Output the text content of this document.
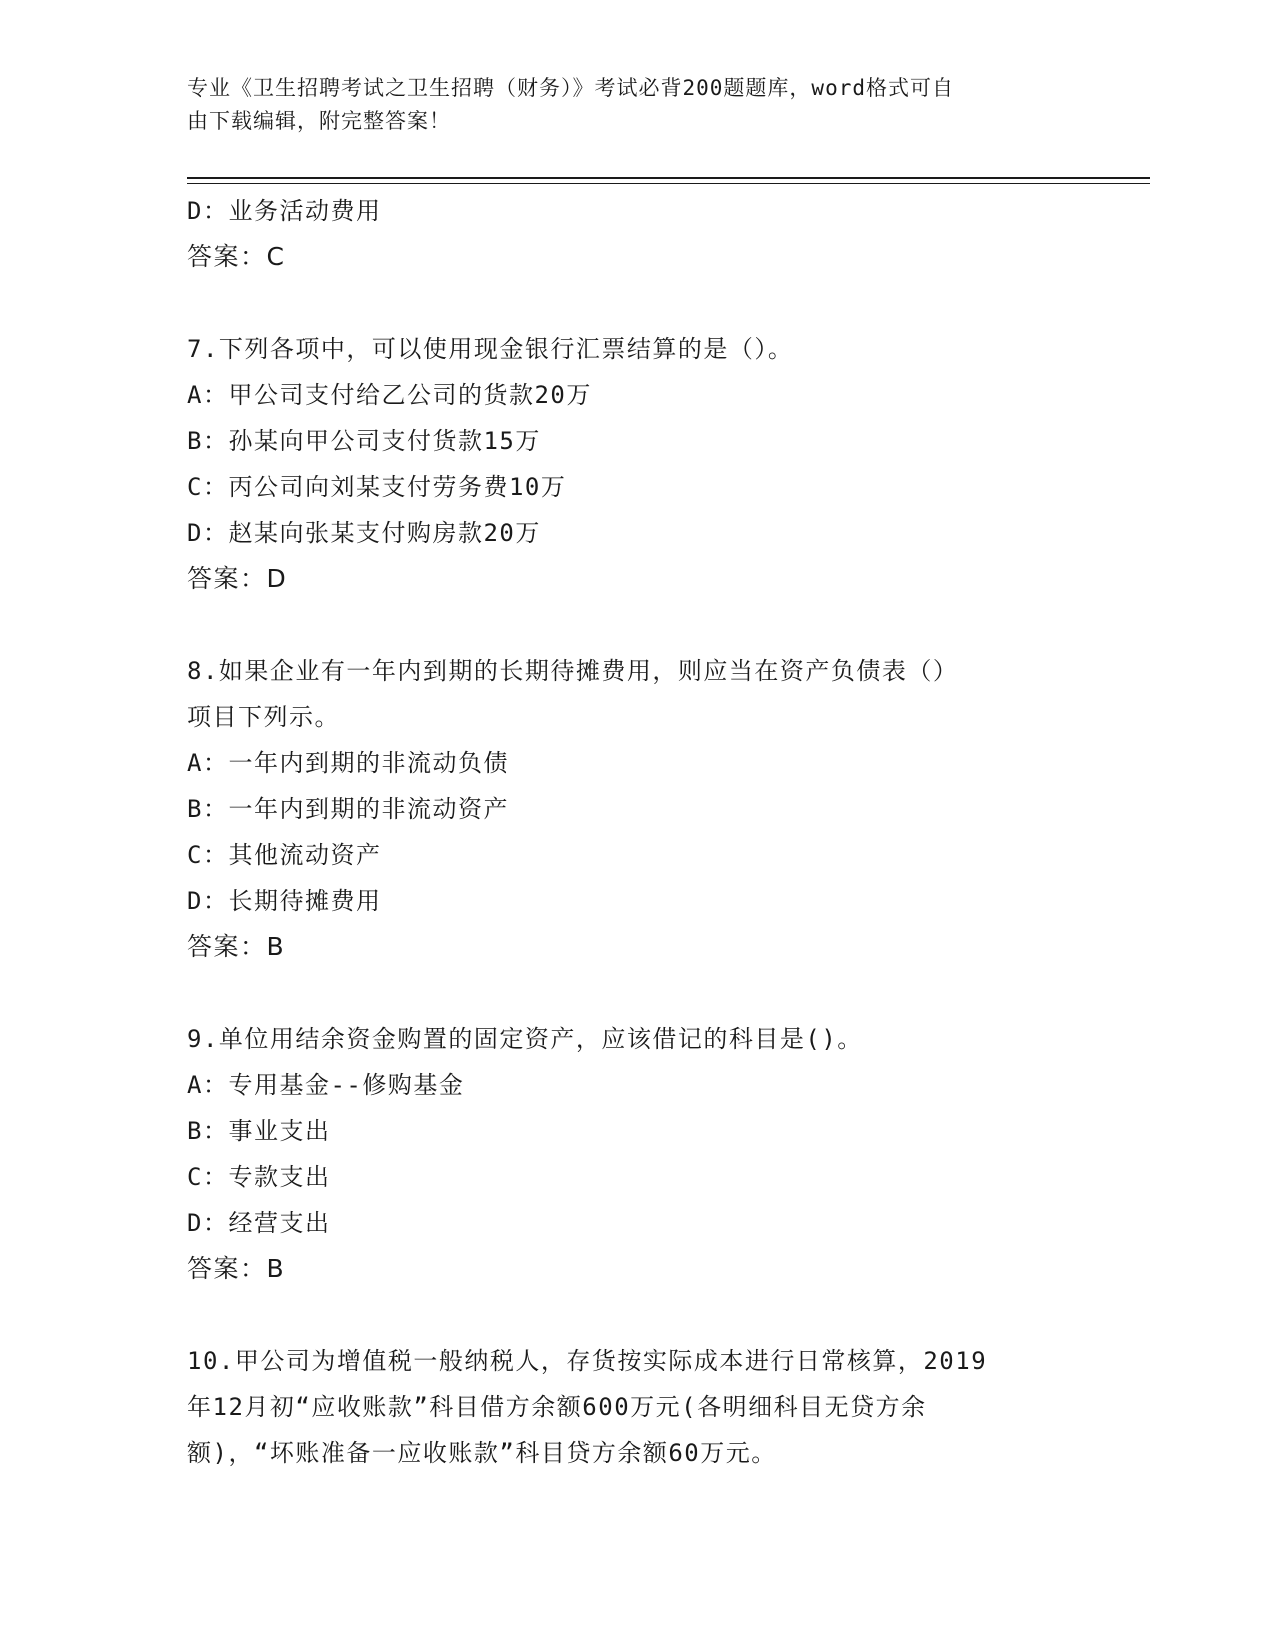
专业《卫生招聘考试之卫生招聘（财务）》考试必背200题题库，word格式可自
由下载编辑，附完整答案！
D：业务活动费用
答案：C
7.下列各项中，可以使用现金银行汇票结算的是（）。
A：甲公司支付给乙公司的货款20万
B：孙某向甲公司支付货款15万
C：丙公司向刘某支付劳务费10万
D：赵某向张某支付购房款20万
答案：D
8.如果企业有一年内到期的长期待摊费用，则应当在资产负债表（）
项目下列示。
A：一年内到期的非流动负债
B：一年内到期的非流动资产
C：其他流动资产
D：长期待摊费用
答案：B
9.单位用结余资金购置的固定资产，应该借记的科目是()。
A：专用基金--修购基金
B：事业支出
C：专款支出
D：经营支出
答案：B
10.甲公司为增值税一般纳税人，存货按实际成本进行日常核算，2019
年12月初“应收账款”科目借方余额600万元(各明细科目无贷方余
额)，“坏账准备一应收账款”科目贷方余额60万元。
